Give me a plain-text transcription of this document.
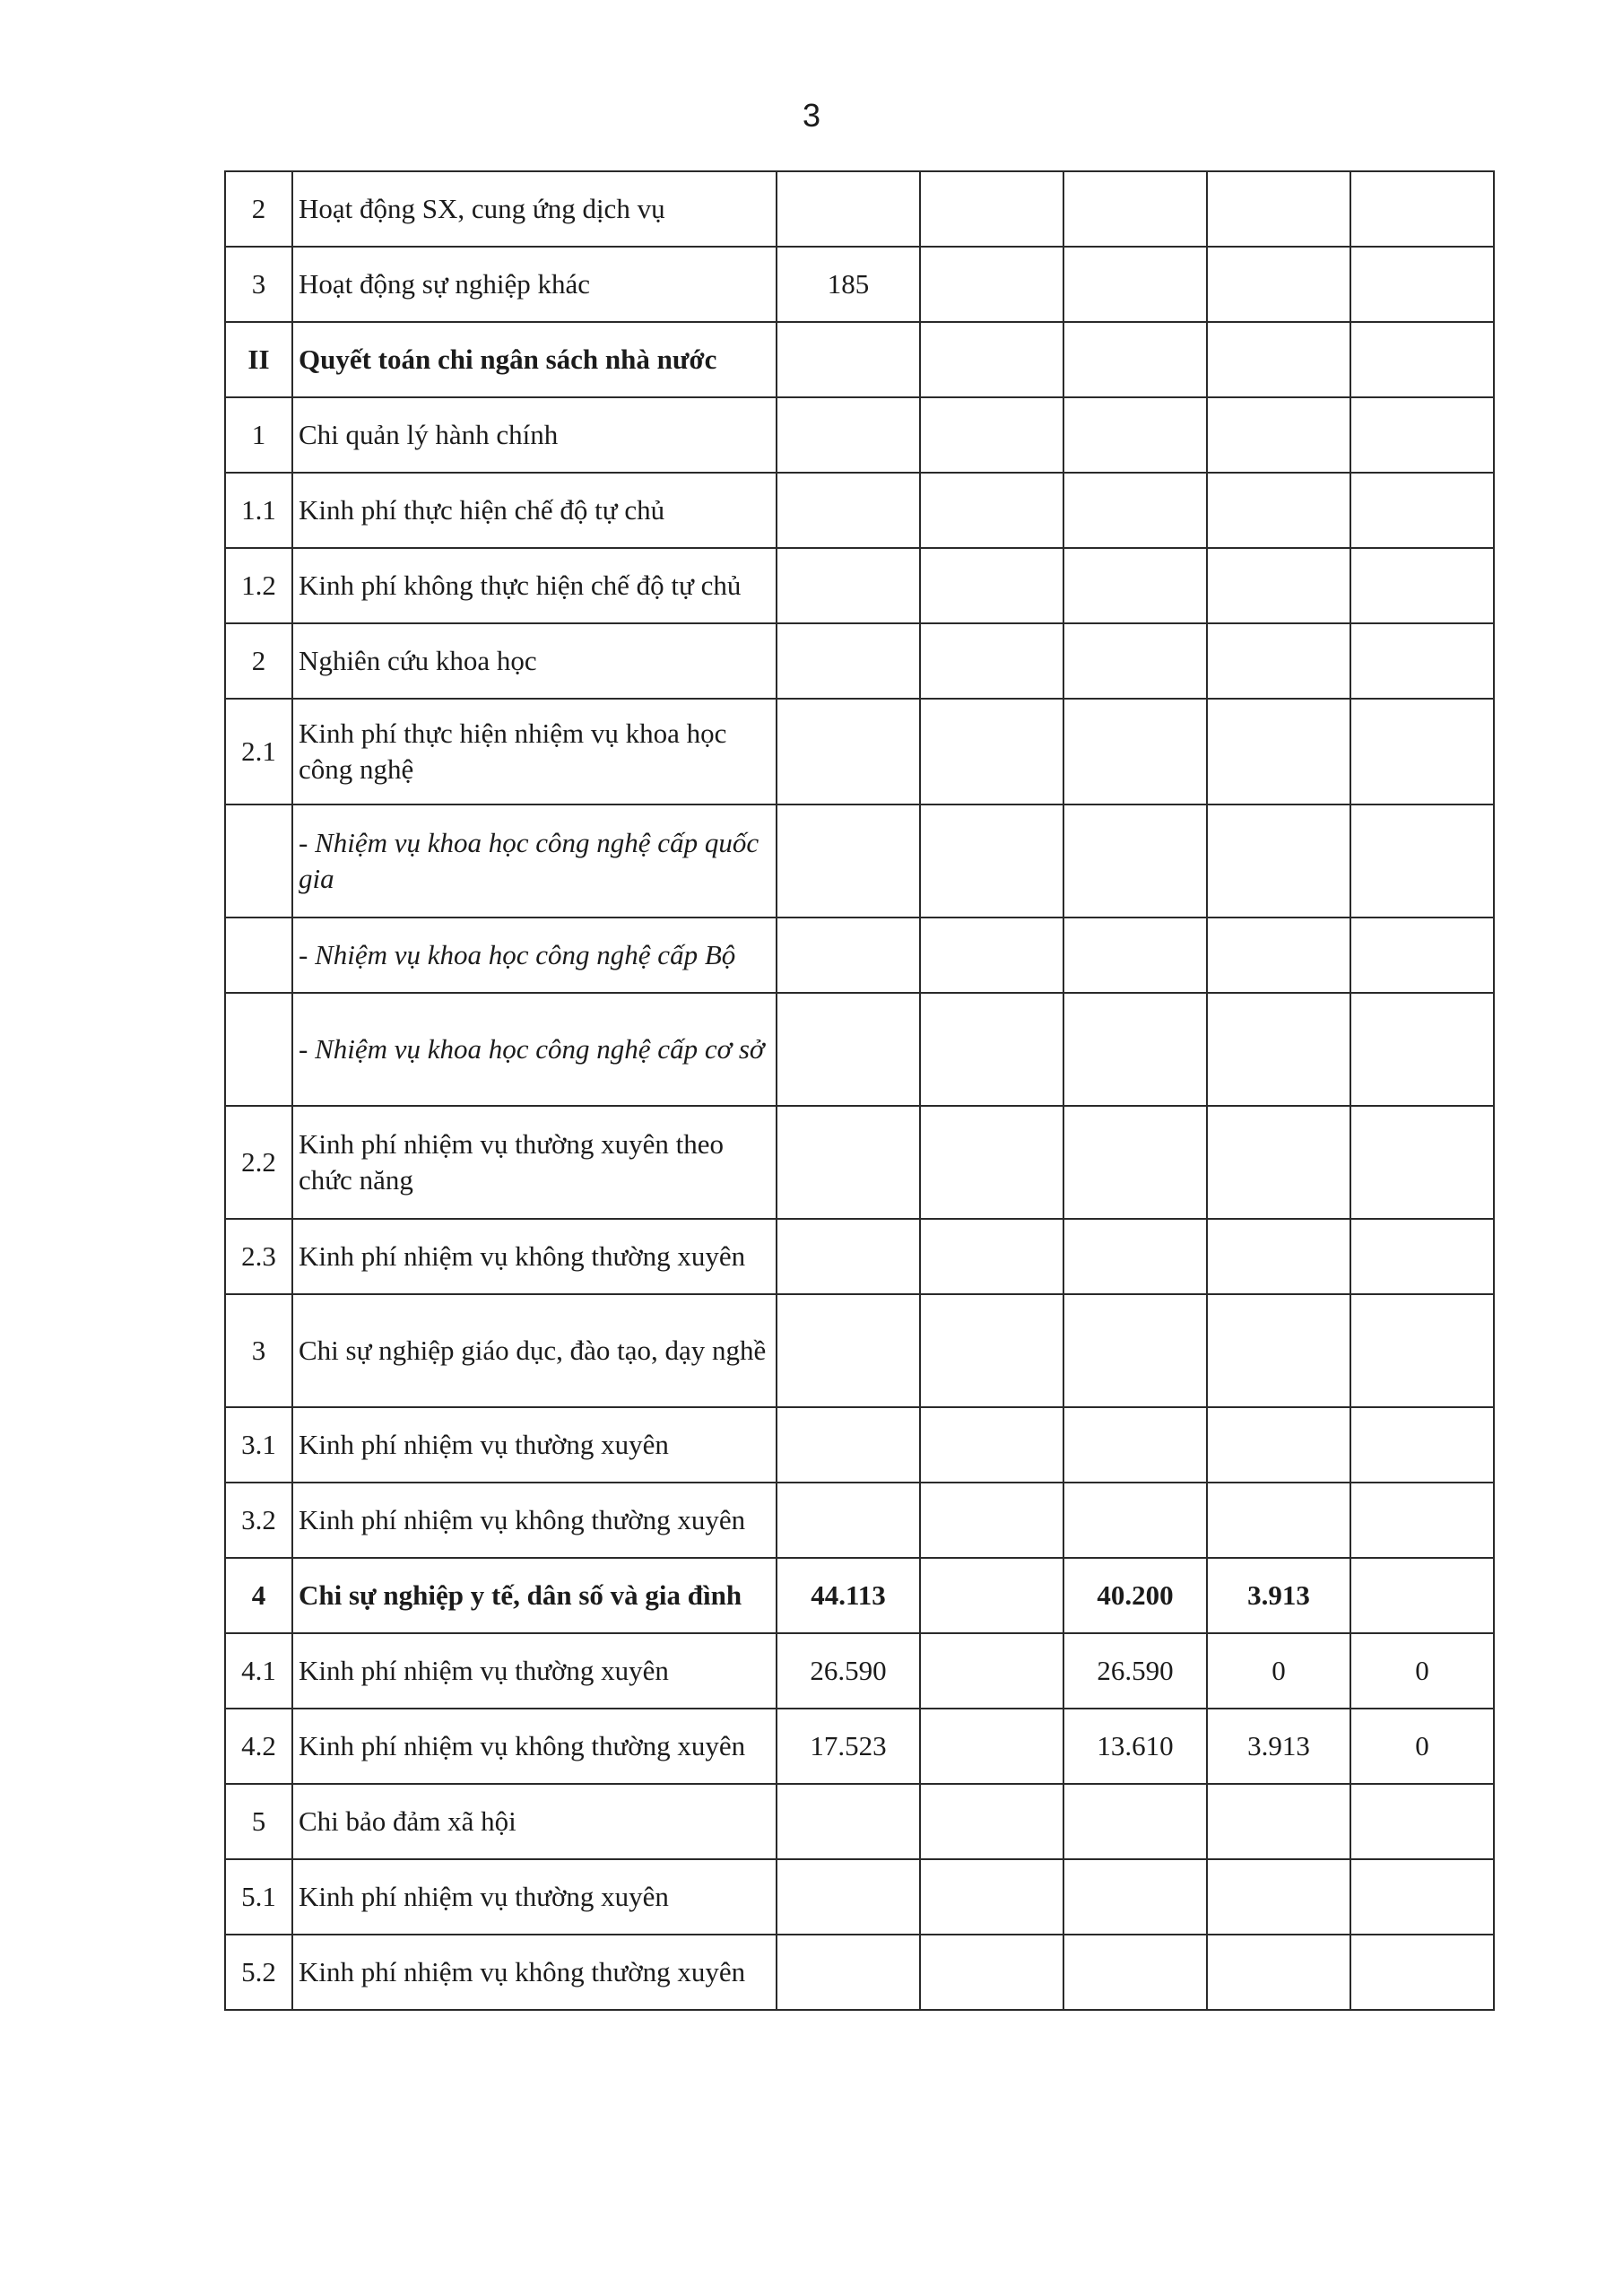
3
2	Hoạt động SX, cung ứng dịch vụ					
3	Hoạt động sự nghiệp khác	185				
II	Quyết toán chi ngân sách nhà nước					
1	Chi quản lý hành chính					
1.1	Kinh phí thực hiện chế độ tự chủ					
1.2	Kinh phí không thực hiện chế độ tự chủ					
2	Nghiên cứu khoa học					
2.1	Kinh phí thực hiện nhiệm vụ khoa học công nghệ					
	- Nhiệm vụ khoa học công nghệ cấp quốc gia					
	- Nhiệm vụ khoa học công nghệ cấp Bộ					
	- Nhiệm vụ khoa học công nghệ cấp cơ sở					
2.2	Kinh phí nhiệm vụ thường xuyên theo chức năng					
2.3	Kinh phí nhiệm vụ không thường xuyên					
3	Chi sự nghiệp giáo dục, đào tạo, dạy nghề					
3.1	Kinh phí nhiệm vụ thường xuyên					
3.2	Kinh phí nhiệm vụ không thường xuyên					
4	Chi sự nghiệp y tế, dân số và gia đình	44.113		40.200	3.913	
4.1	Kinh phí nhiệm vụ thường xuyên	26.590		26.590	0	0
4.2	Kinh phí nhiệm vụ không thường xuyên	17.523		13.610	3.913	0
5	Chi bảo đảm xã hội					
5.1	Kinh phí nhiệm vụ thường xuyên					
5.2	Kinh phí nhiệm vụ không thường xuyên					
